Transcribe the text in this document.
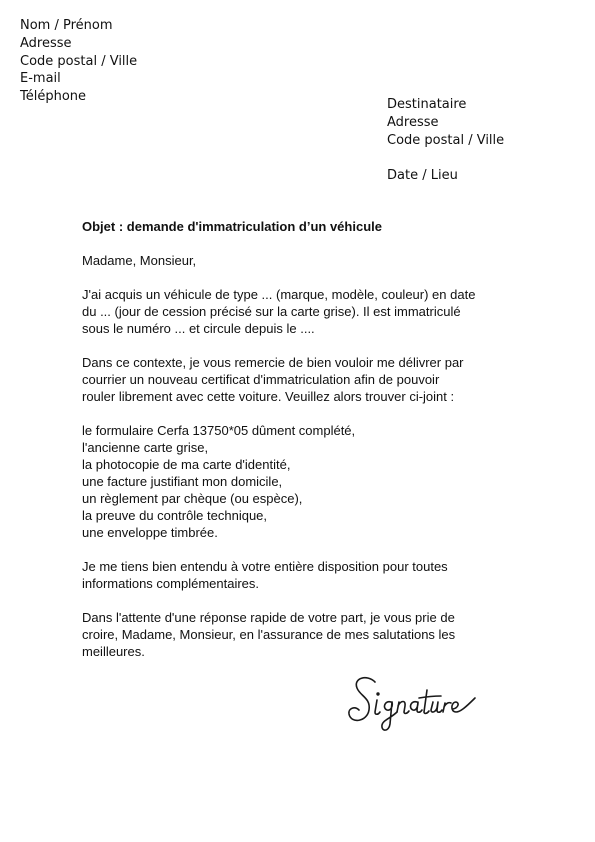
Nom / Prénom
Adresse
Code postal / Ville
E-mail
Téléphone
Destinataire
Adresse
Code postal / Ville
Date / Lieu
Objet : demande d'immatriculation d’un véhicule
Madame, Monsieur,
J'ai acquis un véhicule de type ... (marque, modèle, couleur) en date
du ... (jour de cession précisé sur la carte grise). Il est immatriculé
sous le numéro ... et circule depuis le ....
Dans ce contexte, je vous remercie de bien vouloir me délivrer par
courrier un nouveau certificat d'immatriculation afin de pouvoir
rouler librement avec cette voiture. Veuillez alors trouver ci-joint :
le formulaire Cerfa 13750*05 dûment complété,
l'ancienne carte grise,
la photocopie de ma carte d'identité,
une facture justifiant mon domicile,
un règlement par chèque (ou espèce),
la preuve du contrôle technique,
une enveloppe timbrée.
Je me tiens bien entendu à votre entière disposition pour toutes
informations complémentaires.
Dans l'attente d'une réponse rapide de votre part, je vous prie de
croire, Madame, Monsieur, en l'assurance de mes salutations les
meilleures.
